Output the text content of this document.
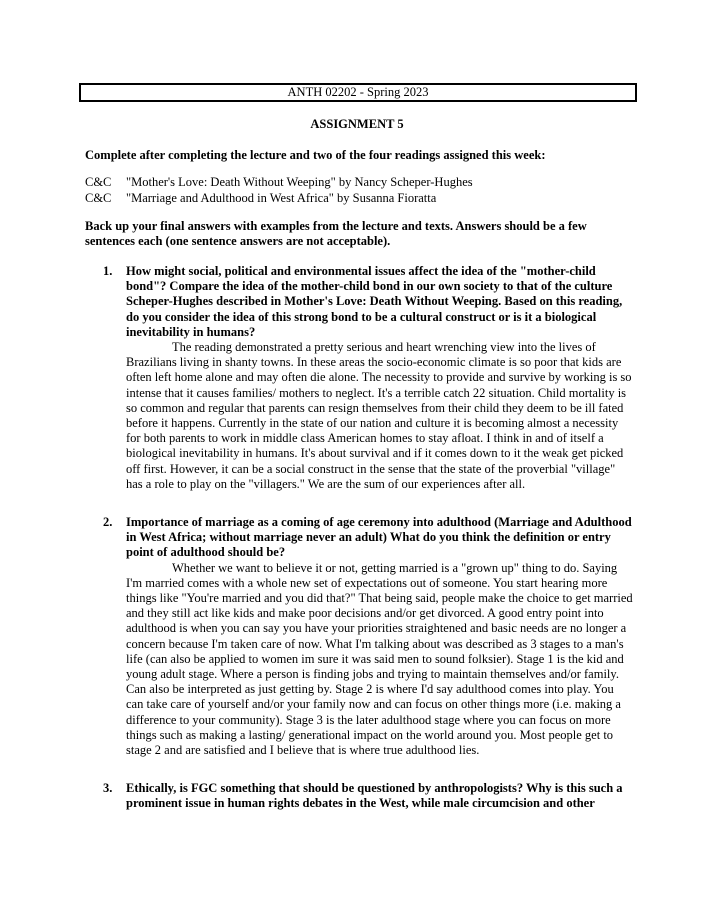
ANTH 02202 - Spring 2023
ASSIGNMENT 5
Complete after completing the lecture and two of the four readings assigned this week:
C&C	"Mother's Love: Death Without Weeping" by Nancy Scheper-Hughes
C&C	"Marriage and Adulthood in West Africa" by Susanna Fioratta
Back up your final answers with examples from the lecture and texts. Answers should be a few sentences each (one sentence answers are not acceptable).
1.	How might social, political and environmental issues affect the idea of the "mother-child bond"? Compare the idea of the mother-child bond in our own society to that of the culture Scheper-Hughes described in Mother's Love: Death Without Weeping. Based on this reading, do you consider the idea of this strong bond to be a cultural construct or is it a biological inevitability in humans?
The reading demonstrated a pretty serious and heart wrenching view into the lives of Brazilians living in shanty towns. In these areas the socio-economic climate is so poor that kids are often left home alone and may often die alone. The necessity to provide and survive by working is so intense that it causes families/ mothers to neglect. It's a terrible catch 22 situation. Child mortality is so common and regular that parents can resign themselves from their child they deem to be ill fated before it happens. Currently in the state of our nation and culture it is becoming almost a necessity for both parents to work in middle class American homes to stay afloat. I think in and of itself a biological inevitability in humans. It's about survival and if it comes down to it the weak get picked off first. However, it can be a social construct in the sense that the state of the proverbial "village" has a role to play on the "villagers." We are the sum of our experiences after all.
2.	Importance of marriage as a coming of age ceremony into adulthood (Marriage and Adulthood in West Africa; without marriage never an adult) What do you think the definition or entry point of adulthood should be?
Whether we want to believe it or not, getting married is a "grown up" thing to do. Saying I'm married comes with a whole new set of expectations out of someone. You start hearing more things like "You're married and you did that?" That being said, people make the choice to get married and they still act like kids and make poor decisions and/or get divorced. A good entry point into adulthood is when you can say you have your priorities straightened and basic needs are no longer a concern because I'm taken care of now. What I'm talking about was described as 3 stages to a man's life (can also be applied to women im sure it was said men to sound folksier). Stage 1 is the kid and young adult stage. Where a person is finding jobs and trying to maintain themselves and/or family. Can also be interpreted as just getting by. Stage 2 is where I'd say adulthood comes into play. You can take care of yourself and/or your family now and can focus on other things more (i.e. making a difference to your community). Stage 3 is the later adulthood stage where you can focus on more things such as making a lasting/ generational impact on the world around you. Most people get to stage 2 and are satisfied and I believe that is where true adulthood lies.
3.	Ethically, is FGC something that should be questioned by anthropologists? Why is this such a prominent issue in human rights debates in the West, while male circumcision and other
